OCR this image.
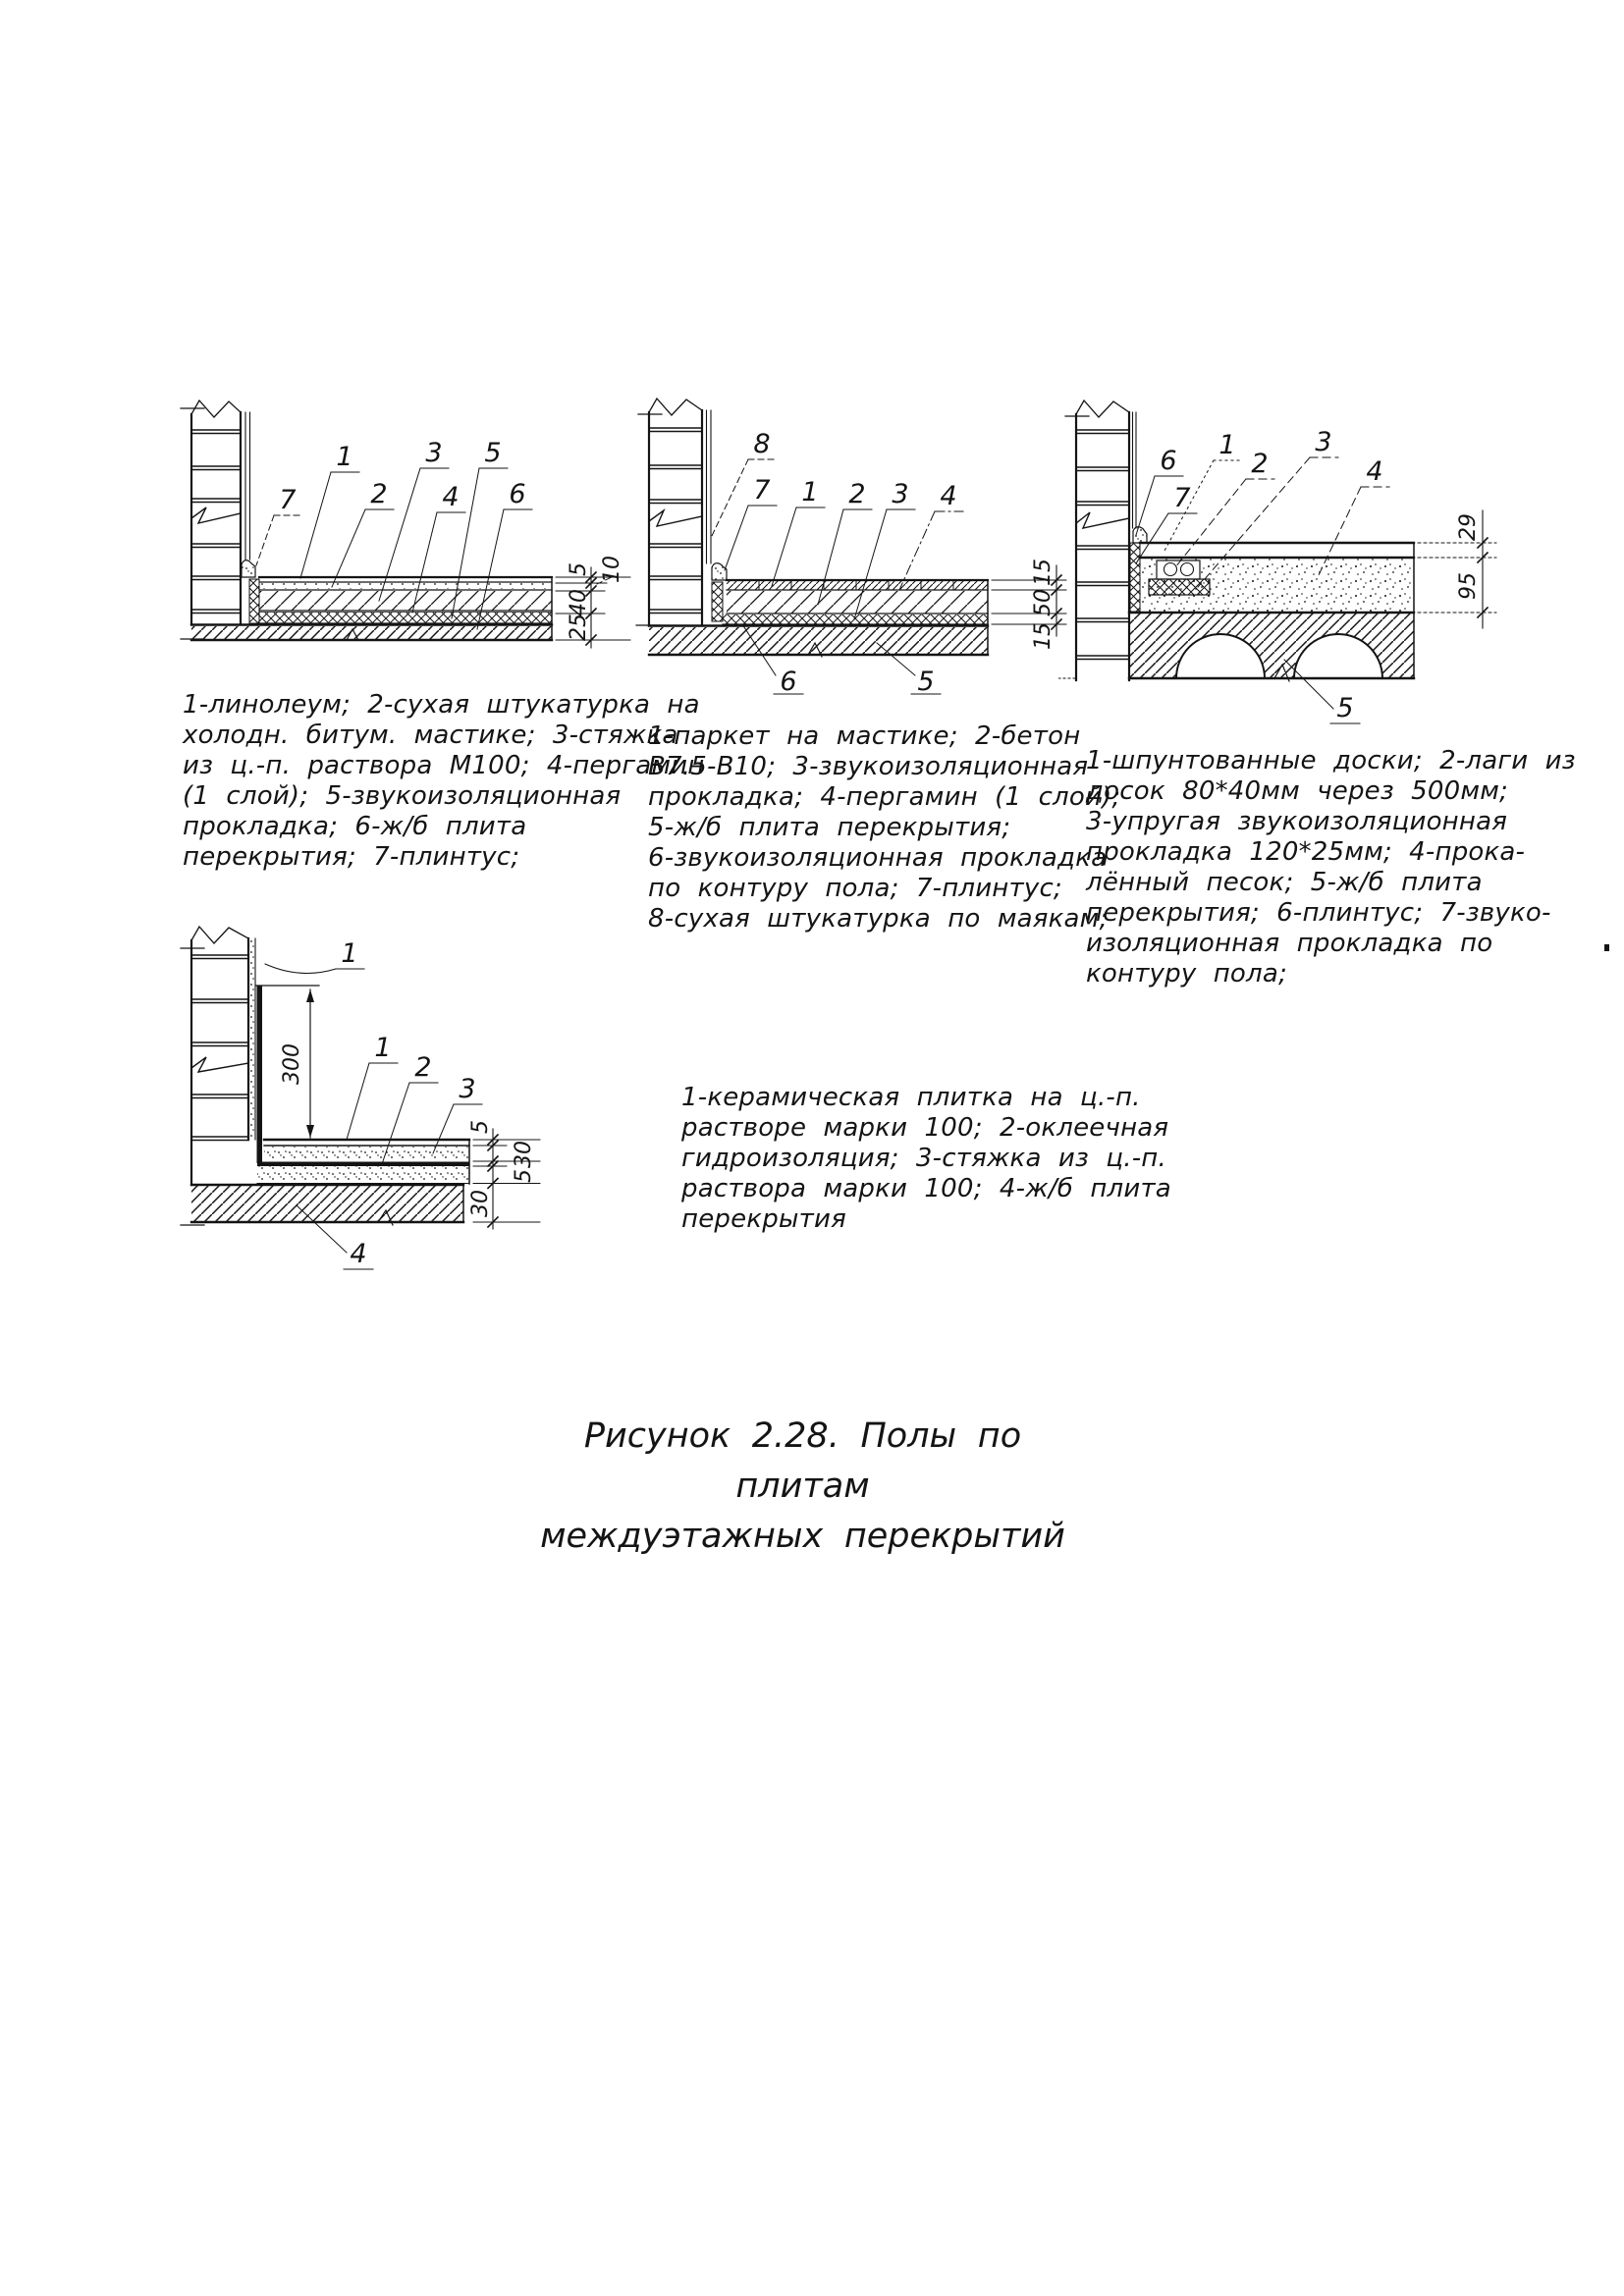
7
1
2
3
4
5
6
5 10
40
25
8
7 1 2 3 4
6	5
15
50
15
6
7
1
2
3
4
5
29
95
1
1
2
3
4
300
5
30
5
30
1-линолеум; 2-сухая штукатурка на
холодн. битум. мастике; 3-стяжка
из ц.-п. раствора М100; 4-пергамин
(1 слой); 5-звукоизоляционная
прокладка; 6-ж/б плита
перекрытия; 7-плинтус;
1-паркет на мастике; 2-бетон
В7.5-В10; 3-звукоизоляционная
прокладка; 4-пергамин (1 слой);
5-ж/б плита перекрытия;
6-звукоизоляционная прокладка
по контуру пола; 7-плинтус;
8-сухая штукатурка по маякам;
1-шпунтованные доски; 2-лаги из
досок 80*40мм через 500мм;
3-упругая звукоизоляционная
прокладка 120*25мм; 4-прока-
лённый песок; 5-ж/б плита
перекрытия; 6-плинтус; 7-звуко-
изоляционная прокладка по
контуру пола;
1-керамическая плитка на ц.-п.
растворе марки 100; 2-оклеечная
гидроизоляция; 3-стяжка из ц.-п.
раствора марки 100; 4-ж/б плита
перекрытия
Рисунок 2.28. Полы по плитам
междуэтажных перекрытий
